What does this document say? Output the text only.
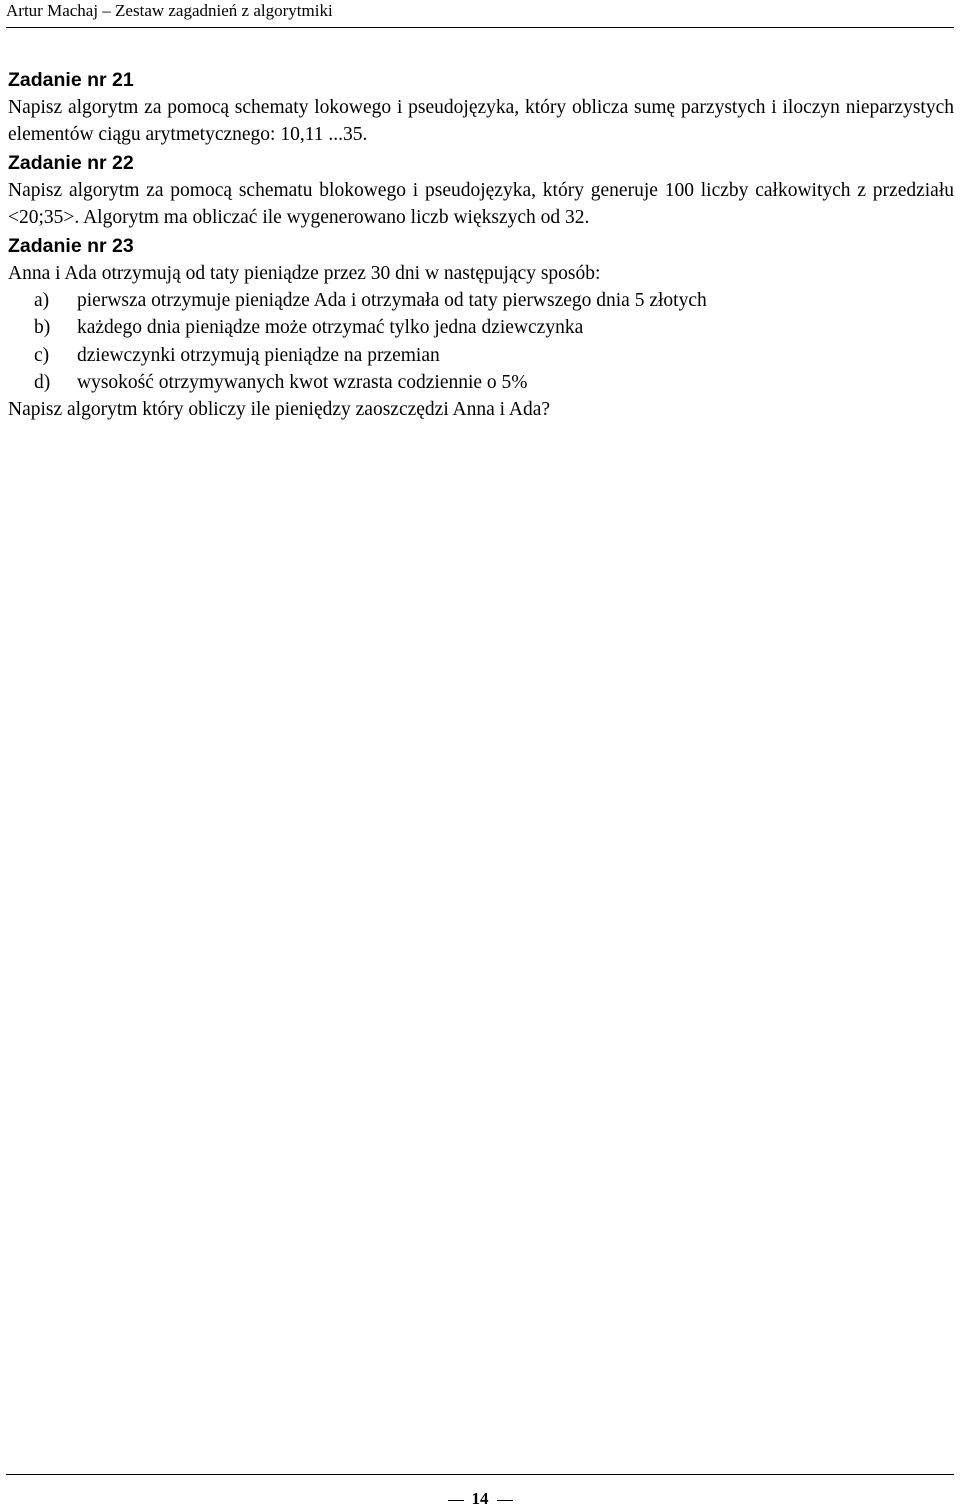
Artur Machaj – Zestaw zagadnień z algorytmiki
Zadanie nr 21
Napisz algorytm za pomocą schematy lokowego i pseudojęzyka, który oblicza sumę parzystych i iloczyn nieparzystych elementów ciągu arytmetycznego: 10,11 ...35.
Zadanie nr 22
Napisz algorytm za pomocą schematu blokowego i pseudojęzyka, który generuje 100 liczby całkowitych z przedziału <20;35>. Algorytm ma obliczać ile wygenerowano liczb większych od 32.
Zadanie nr 23
Anna i Ada otrzymują od taty pieniądze przez 30 dni w następujący sposób:
a) pierwsza otrzymuje pieniądze Ada i otrzymała od taty pierwszego dnia 5 złotych
b) każdego dnia pieniądze może otrzymać tylko jedna dziewczynka
c) dziewczynki otrzymują pieniądze na przemian
d) wysokość otrzymywanych kwot wzrasta codziennie o 5%
Napisz algorytm który obliczy ile pieniędzy zaoszczędzi Anna i Ada?
14
